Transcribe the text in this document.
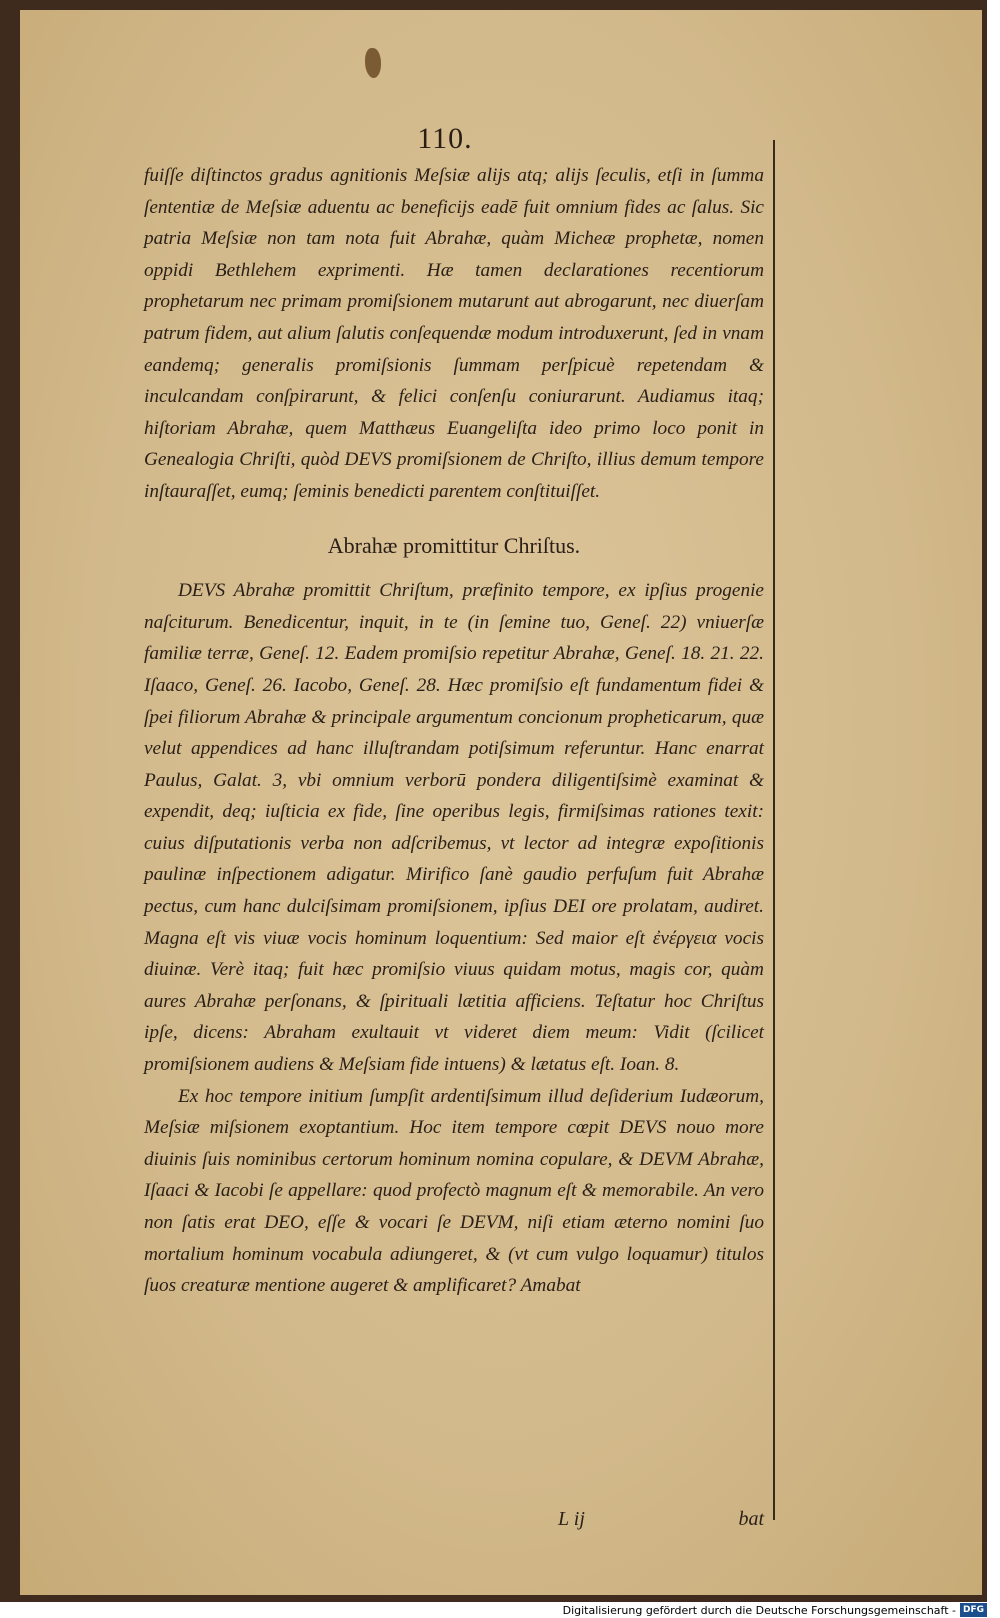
110.

fuiſſe diſtinctos gradus agnitionis Meſsiæ alijs atq; alijs ſeculis, etſi in ſumma ſententiæ de Meſsiæ aduentu ac beneficijs eadē fuit omnium fides ac ſalus. Sic patria Meſsiæ non tam nota fuit Abrahæ, quàm Micheæ prophetæ, nomen oppidi Bethlehem exprimenti. Hæ tamen declarationes recentiorum prophetarum nec primam promiſsionem mutarunt aut abrogarunt, nec diuerſam patrum fidem, aut alium ſalutis conſequendæ modum introduxerunt, ſed in vnam eandemq; generalis promiſsionis ſummam perſpicuè repetendam & inculcandam conſpirarunt, & felici conſenſu coniurarunt. Audiamus itaq; hiſtoriam Abrahæ, quem Matthæus Euangeliſta ideo primo loco ponit in Genealogia Chriſti, quòd DEVS promiſsionem de Chriſto, illius demum tempore inſtauraſſet, eumq; ſeminis benedicti parentem conſtituiſſet.

Abrahæ promittitur Chriſtus.

DEVS Abrahæ promittit Chriſtum, præfinito tempore, ex ipſius progenie naſciturum. Benedicentur, inquit, in te (in ſemine tuo, Geneſ. 22) vniuerſæ familiæ terræ, Geneſ. 12. Eadem promiſsio repetitur Abrahæ, Geneſ. 18. 21. 22. Iſaaco, Geneſ. 26. Iacobo, Geneſ. 28. Hæc promiſsio eſt fundamentum fidei & ſpei filiorum Abrahæ & principale argumentum concionum propheticarum, quæ velut appendices ad hanc illuſtrandam potiſsimum referuntur. Hanc enarrat Paulus, Galat. 3, vbi omnium verborū pondera diligentiſsimè examinat & expendit, deq; iuſticia ex fide, ſine operibus legis, firmiſsimas rationes texit: cuius diſputationis verba non adſcribemus, vt lector ad integræ expoſitionis paulinæ inſpectionem adigatur. Mirifico ſanè gaudio perfuſum fuit Abrahæ pectus, cum hanc dulciſsimam promiſsionem, ipſius DEI ore prolatam, audiret. Magna eſt vis viuæ vocis hominum loquentium: Sed maior eſt ἐνέργεια vocis diuinæ. Verè itaq; fuit hæc promiſsio viuus quidam motus, magis cor, quàm aures Abrahæ perſonans, & ſpirituali lætitia afficiens. Teſtatur hoc Chriſtus ipſe, dicens: Abraham exultauit vt videret diem meum: Vidit (ſcilicet promiſsionem audiens & Meſsiam fide intuens) & lætatus eſt. Ioan. 8.

Ex hoc tempore initium ſumpſit ardentiſsimum illud deſiderium Iudæorum, Meſsiæ miſsionem exoptantium. Hoc item tempore cœpit DEVS nouo more diuinis ſuis nominibus certorum hominum nomina copulare, & DEVM Abrahæ, Iſaaci & Iacobi ſe appellare: quod profectò magnum eſt & memorabile. An vero non ſatis erat DEO, eſſe & vocari ſe DEVM, niſi etiam æterno nomini ſuo mortalium hominum vocabula adiungeret, & (vt cum vulgo loquamur) titulos ſuos creaturæ mentione augeret & amplificaret? Amabat

L ij	bat
Digitalisierung gefördert durch die Deutsche Forschungsgemeinschaft - DFG
